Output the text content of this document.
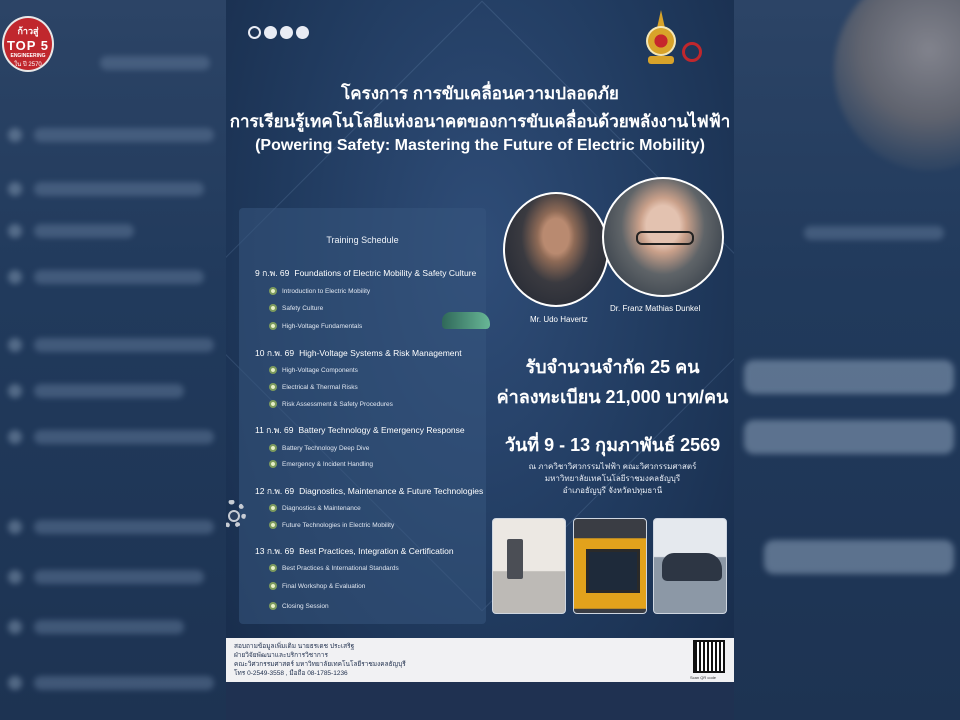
ก้าวสู่
TOP 5
ENGINEERING
ใน ปี 2570
โครงการ การขับเคลื่อนความปลอดภัย
การเรียนรู้เทคโนโลยีแห่งอนาคตของการขับเคลื่อนด้วยพลังงานไฟฟ้า
(Powering Safety: Mastering the Future of Electric Mobility)
Training Schedule
9 ก.พ. 69 Foundations of Electric Mobility & Safety Culture
Introduction to Electric Mobility
Safety Culture
High-Voltage Fundamentals
10 ก.พ. 69 High-Voltage Systems & Risk Management
High-Voltage Components
Electrical & Thermal Risks
Risk Assessment & Safety Procedures
11 ก.พ. 69 Battery Technology & Emergency Response
Battery Technology Deep Dive
Emergency & Incident Handling
12 ก.พ. 69 Diagnostics, Maintenance & Future Technologies
Diagnostics & Maintenance
Future Technologies in Electric Mobility
13 ก.พ. 69 Best Practices, Integration & Certification
Best Practices & International Standards
Final Workshop & Evaluation
Closing Session
Mr. Udo Havertz
Dr. Franz Mathias Dunkel
รับจำนวนจำกัด 25 คน
ค่าลงทะเบียน 21,000 บาท/คน
วันที่ 9 - 13 กุมภาพันธ์ 2569
ณ ภาควิชาวิศวกรรมไฟฟ้า คณะวิศวกรรมศาสตร์
มหาวิทยาลัยเทคโนโลยีราชมงคลธัญบุรี
อำเภอธัญบุรี จังหวัดปทุมธานี
สอบถามข้อมูลเพิ่มเติม นายธรเดช ประเสริฐ
ฝ่ายวิจัยพัฒนาและบริการวิชาการ
คณะวิศวกรรมศาสตร์ มหาวิทยาลัยเทคโนโลยีราชมงคลธัญบุรี
โทร 0-2549-3558 , มือถือ 08-1785-1236
Scan QR code
